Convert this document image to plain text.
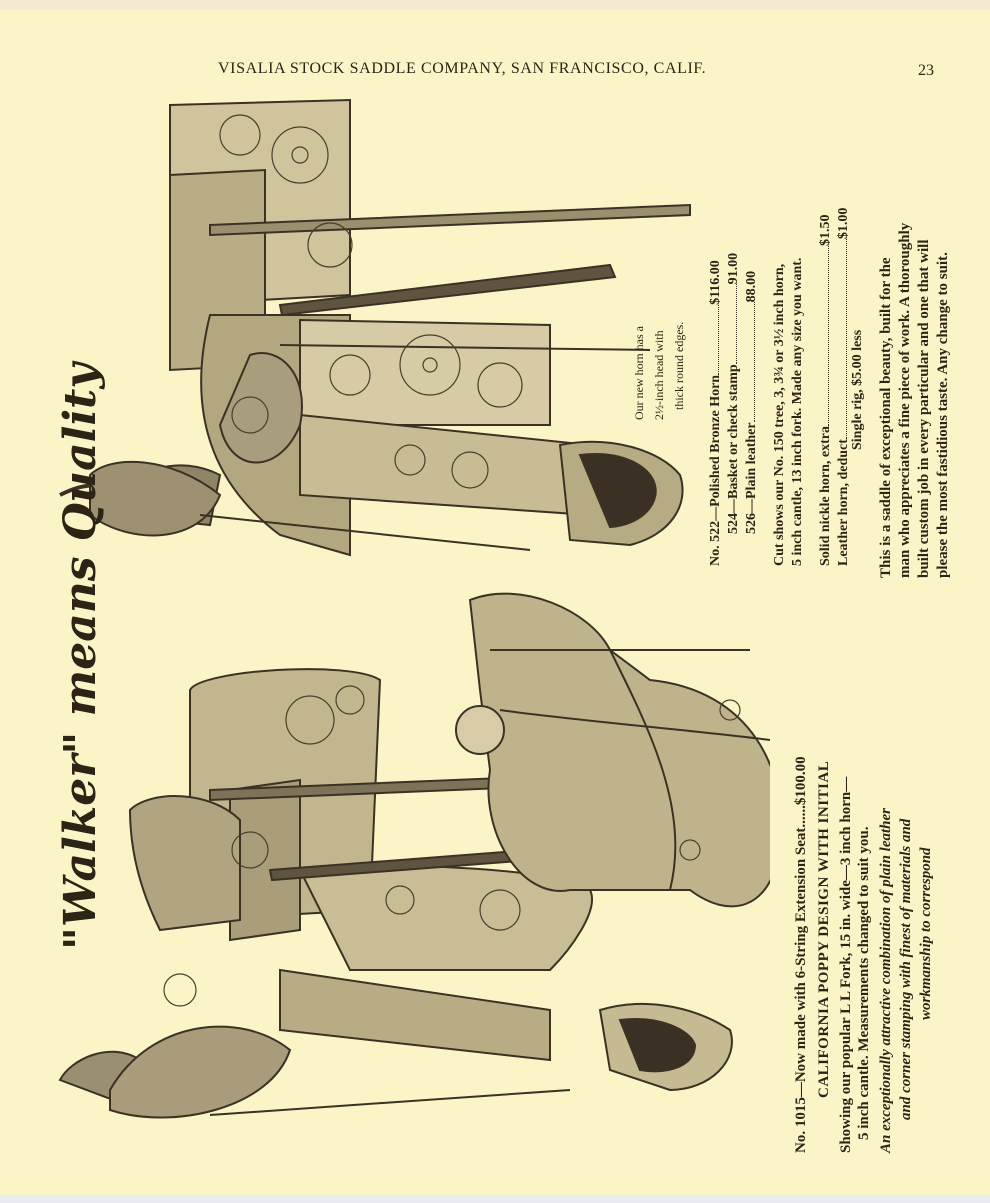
VISALIA STOCK SADDLE COMPANY, SAN FRANCISCO, CALIF.	23
"Walker" means Quality	Our new horn has a 2½-inch head with thick round edges.
No. 522—Polished Bronze Horn$116.00
524—Basket or check stamp91.00
526—Plain leather88.00 Cut shows our No. 150 tree, 3, 3¾ or 3½ inch horn, 5 inch cantle, 13 inch fork. Made any size you want. Solid nickle horn, extra$1.50
Leather horn, deduct$1.00
Single rig, $5.00 less This is a saddle of exceptional beauty, built for the man who appreciates a fine piece of work. A thoroughly built custom job in every particular and one that will please the most fastidious taste. Any change to suit.
No. 1015—Now made with 6-String Extension Seat......$100.00 CALIFORNIA POPPY DESIGN WITH INITIAL Showing our popular L L Fork, 15 in. wide—3 inch horn— 5 inch cantle. Measurements changed to suit you. An exceptionally attractive combination of plain leather and corner stamping with finest of materials and workmanship to correspond
